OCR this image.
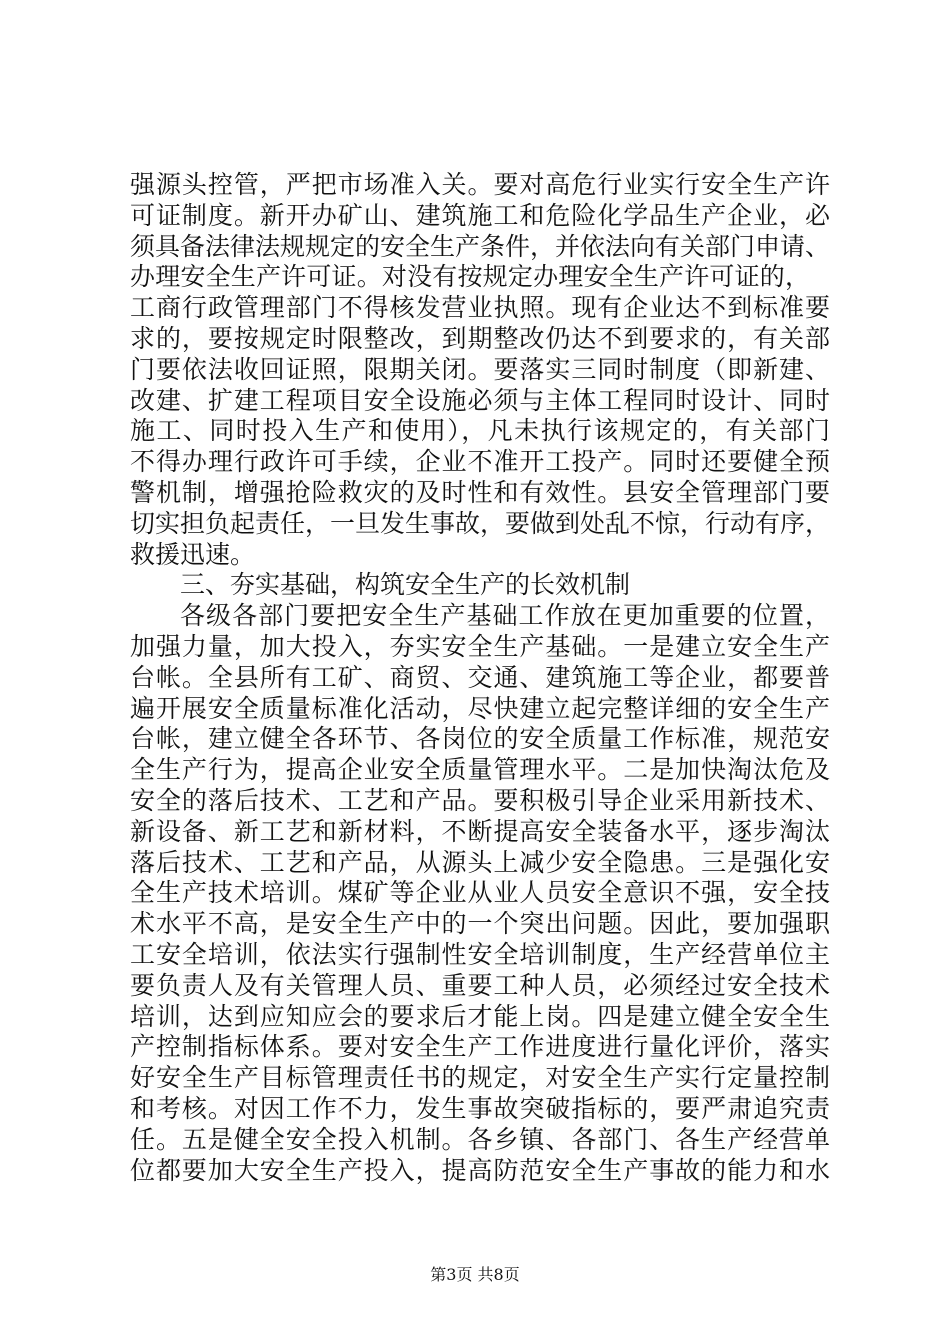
强源头控管，严把市场准入关。要对高危行业实行安全生产许
可证制度。新开办矿山、建筑施工和危险化学品生产企业，必
须具备法律法规规定的安全生产条件，并依法向有关部门申请、
办理安全生产许可证。对没有按规定办理安全生产许可证的，
工商行政管理部门不得核发营业执照。现有企业达不到标准要
求的，要按规定时限整改，到期整改仍达不到要求的，有关部
门要依法收回证照，限期关闭。要落实三同时制度（即新建、
改建、扩建工程项目安全设施必须与主体工程同时设计、同时
施工、同时投入生产和使用），凡未执行该规定的，有关部门
不得办理行政许可手续，企业不准开工投产。同时还要健全预
警机制，增强抢险救灾的及时性和有效性。县安全管理部门要
切实担负起责任，一旦发生事故，要做到处乱不惊，行动有序，
救援迅速。
三、夯实基础，构筑安全生产的长效机制
各级各部门要把安全生产基础工作放在更加重要的位置，
加强力量，加大投入，夯实安全生产基础。一是建立安全生产
台帐。全县所有工矿、商贸、交通、建筑施工等企业，都要普
遍开展安全质量标准化活动，尽快建立起完整详细的安全生产
台帐，建立健全各环节、各岗位的安全质量工作标准，规范安
全生产行为，提高企业安全质量管理水平。二是加快淘汰危及
安全的落后技术、工艺和产品。要积极引导企业采用新技术、
新设备、新工艺和新材料，不断提高安全装备水平，逐步淘汰
落后技术、工艺和产品，从源头上减少安全隐患。三是强化安
全生产技术培训。煤矿等企业从业人员安全意识不强，安全技
术水平不高，是安全生产中的一个突出问题。因此，要加强职
工安全培训，依法实行强制性安全培训制度，生产经营单位主
要负责人及有关管理人员、重要工种人员，必须经过安全技术
培训，达到应知应会的要求后才能上岗。四是建立健全安全生
产控制指标体系。要对安全生产工作进度进行量化评价，落实
好安全生产目标管理责任书的规定，对安全生产实行定量控制
和考核。对因工作不力，发生事故突破指标的，要严肃追究责
任。五是健全安全投入机制。各乡镇、各部门、各生产经营单
位都要加大安全生产投入，提高防范安全生产事故的能力和水
第3页 共8页
